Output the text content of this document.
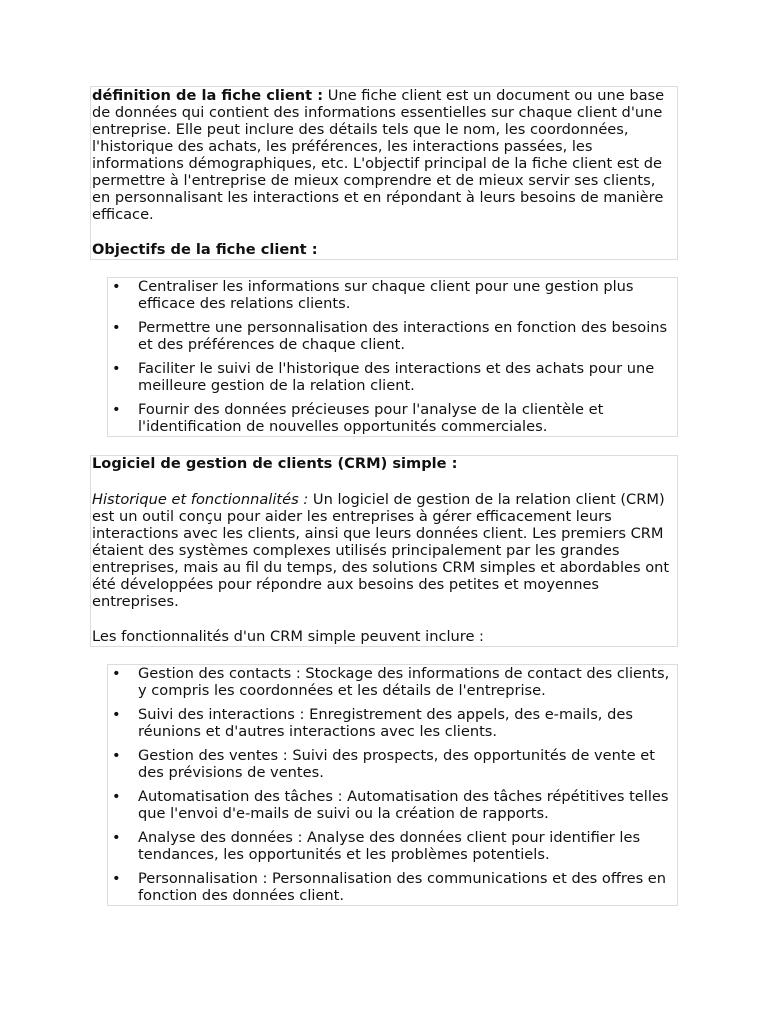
définition de la fiche client : Une fiche client est un document ou une base de données qui contient des informations essentielles sur chaque client d'une entreprise. Elle peut inclure des détails tels que le nom, les coordonnées, l'historique des achats, les préférences, les interactions passées, les informations démographiques, etc. L'objectif principal de la fiche client est de permettre à l'entreprise de mieux comprendre et de mieux servir ses clients, en personnalisant les interactions et en répondant à leurs besoins de manière efficace.

Objectifs de la fiche client :

• Centraliser les informations sur chaque client pour une gestion plus efficace des relations clients.
• Permettre une personnalisation des interactions en fonction des besoins et des préférences de chaque client.
• Faciliter le suivi de l'historique des interactions et des achats pour une meilleure gestion de la relation client.
• Fournir des données précieuses pour l'analyse de la clientèle et l'identification de nouvelles opportunités commerciales.

Logiciel de gestion de clients (CRM) simple :

Historique et fonctionnalités : Un logiciel de gestion de la relation client (CRM) est un outil conçu pour aider les entreprises à gérer efficacement leurs interactions avec les clients, ainsi que leurs données client. Les premiers CRM étaient des systèmes complexes utilisés principalement par les grandes entreprises, mais au fil du temps, des solutions CRM simples et abordables ont été développées pour répondre aux besoins des petites et moyennes entreprises.

Les fonctionnalités d'un CRM simple peuvent inclure :

• Gestion des contacts : Stockage des informations de contact des clients, y compris les coordonnées et les détails de l'entreprise.
• Suivi des interactions : Enregistrement des appels, des e-mails, des réunions et d'autres interactions avec les clients.
• Gestion des ventes : Suivi des prospects, des opportunités de vente et des prévisions de ventes.
• Automatisation des tâches : Automatisation des tâches répétitives telles que l'envoi d'e-mails de suivi ou la création de rapports.
• Analyse des données : Analyse des données client pour identifier les tendances, les opportunités et les problèmes potentiels.
• Personnalisation : Personnalisation des communications et des offres en fonction des données client.
